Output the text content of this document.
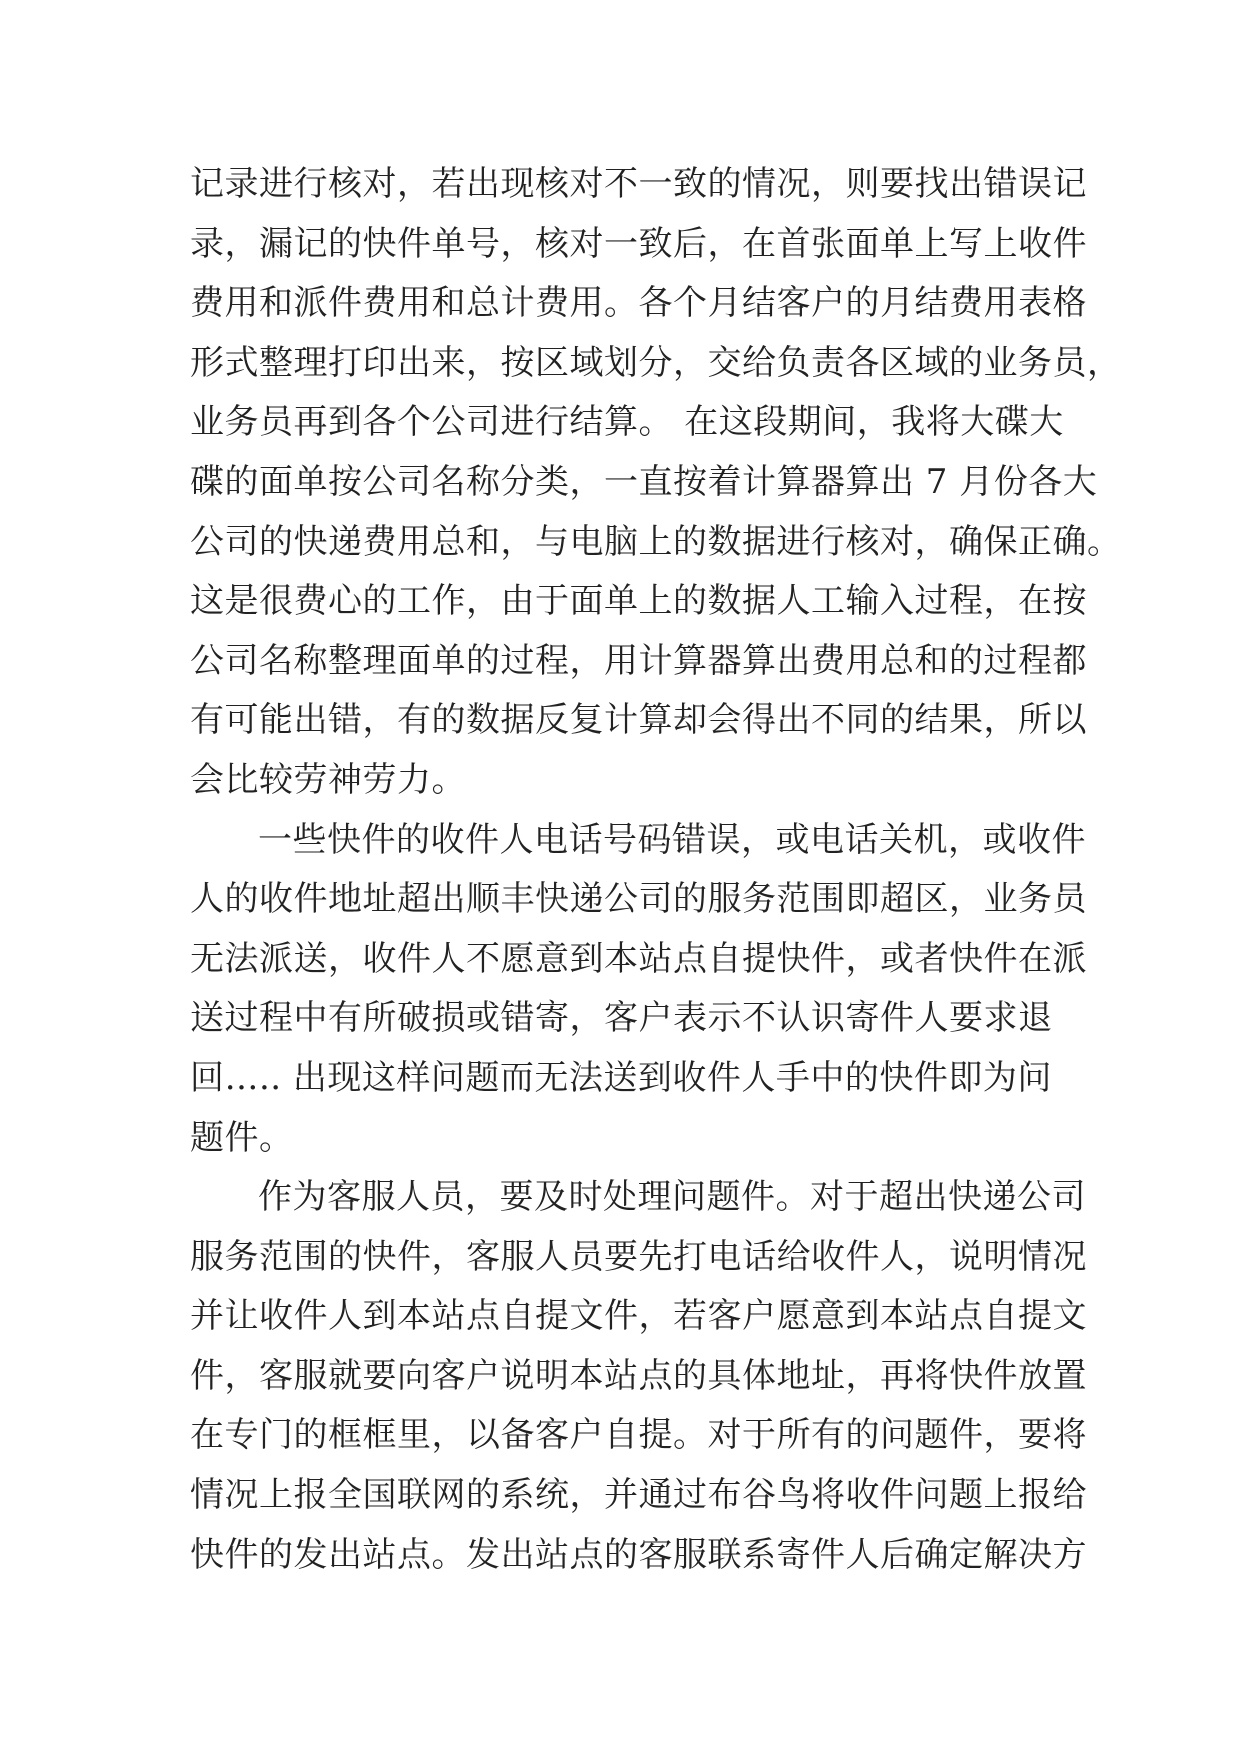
记录进行核对，若出现核对不一致的情况，则要找出错误记
录，漏记的快件单号，核对一致后，在首张面单上写上收件
费用和派件费用和总计费用。各个月结客户的月结费用表格
形式整理打印出来，按区域划分，交给负责各区域的业务员，
业务员再到各个公司进行结算。 在这段期间，我将大碟大
碟的面单按公司名称分类，一直按着计算器算出 7 月份各大
公司的快递费用总和，与电脑上的数据进行核对，确保正确。
这是很费心的工作，由于面单上的数据人工输入过程，在按
公司名称整理面单的过程，用计算器算出费用总和的过程都
有可能出错，有的数据反复计算却会得出不同的结果，所以
会比较劳神劳力。
一些快件的收件人电话号码错误，或电话关机，或收件
人的收件地址超出顺丰快递公司的服务范围即超区，业务员
无法派送，收件人不愿意到本站点自提快件，或者快件在派
送过程中有所破损或错寄，客户表示不认识寄件人要求退
回….. 出现这样问题而无法送到收件人手中的快件即为问
题件。
作为客服人员，要及时处理问题件。对于超出快递公司
服务范围的快件，客服人员要先打电话给收件人，说明情况
并让收件人到本站点自提文件，若客户愿意到本站点自提文
件，客服就要向客户说明本站点的具体地址，再将快件放置
在专门的框框里，以备客户自提。对于所有的问题件，要将
情况上报全国联网的系统，并通过布谷鸟将收件问题上报给
快件的发出站点。发出站点的客服联系寄件人后确定解决方
